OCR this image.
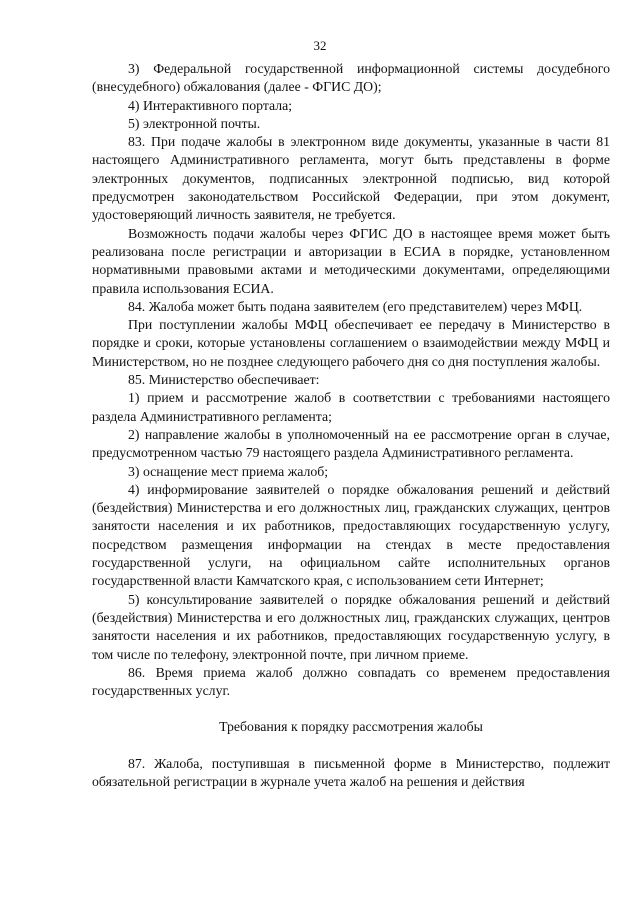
32

3) Федеральной государственной информационной системы досудебного (внесудебного) обжалования (далее - ФГИС ДО);

4) Интерактивного портала;

5) электронной почты.

83. При подаче жалобы в электронном виде документы, указанные в части 81 настоящего Административного регламента, могут быть представлены в форме электронных документов, подписанных электронной подписью, вид которой предусмотрен законодательством Российской Федерации, при этом документ, удостоверяющий личность заявителя, не требуется.

Возможность подачи жалобы через ФГИС ДО в настоящее время может быть реализована после регистрации и авторизации в ЕСИА в порядке, установленном нормативными правовыми актами и методическими документами, определяющими правила использования ЕСИА.

84. Жалоба может быть подана заявителем (его представителем) через МФЦ.

При поступлении жалобы МФЦ обеспечивает ее передачу в Министерство в порядке и сроки, которые установлены соглашением о взаимодействии между МФЦ и Министерством, но не позднее следующего рабочего дня со дня поступления жалобы.

85. Министерство обеспечивает:

1) прием и рассмотрение жалоб в соответствии с требованиями настоящего раздела Административного регламента;

2) направление жалобы в уполномоченный на ее рассмотрение орган в случае, предусмотренном частью 79 настоящего раздела Административного регламента.

3) оснащение мест приема жалоб;

4) информирование заявителей о порядке обжалования решений и действий (бездействия) Министерства и его должностных лиц, гражданских служащих, центров занятости населения и их работников, предоставляющих государственную услугу, посредством размещения информации на стендах в месте предоставления государственной услуги, на официальном сайте исполнительных органов государственной власти Камчатского края, с использованием сети Интернет;

5) консультирование заявителей о порядке обжалования решений и действий (бездействия) Министерства и его должностных лиц, гражданских служащих, центров занятости населения и их работников, предоставляющих государственную услугу, в том числе по телефону, электронной почте, при личном приеме.

86. Время приема жалоб должно совпадать со временем предоставления государственных услуг.

Требования к порядку рассмотрения жалобы

87. Жалоба, поступившая в письменной форме в Министерство, подлежит обязательной регистрации в журнале учета жалоб на решения и действия
